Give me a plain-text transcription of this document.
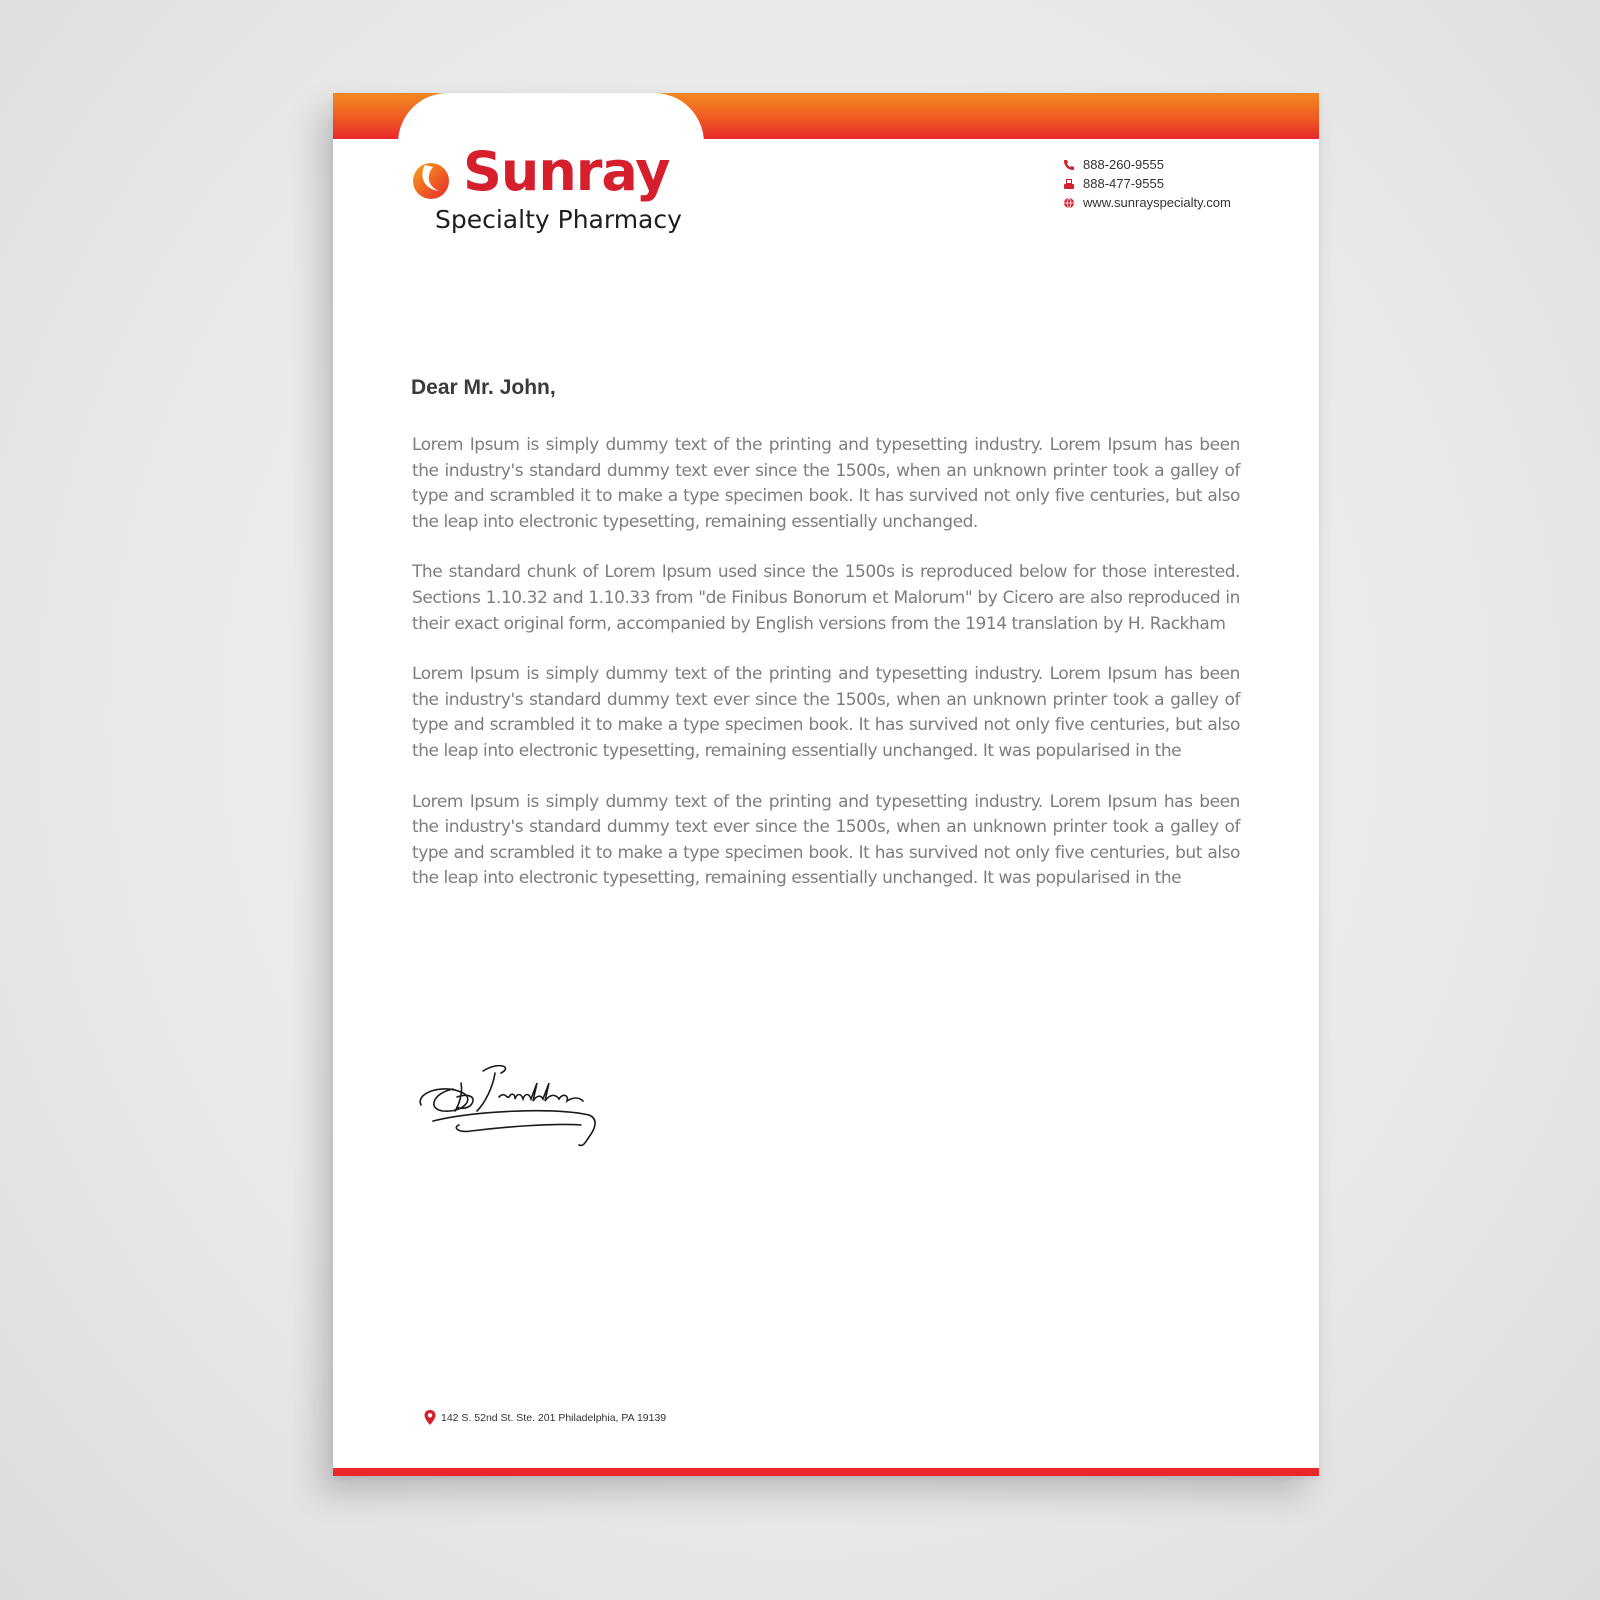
Sunray
Specialty Pharmacy
888-260-9555
888-477-9555
www.sunrayspecialty.com
Dear Mr. John,

Lorem Ipsum is simply dummy text of the printing and typesetting industry. Lorem Ipsum has been the industry's standard dummy text ever since the 1500s, when an unknown printer took a galley of type and scrambled it to make a type specimen book. It has survived not only five centuries, but also the leap into electronic typesetting, remaining essentially unchanged.

The standard chunk of Lorem Ipsum used since the 1500s is reproduced below for those interested. Sections 1.10.32 and 1.10.33 from "de Finibus Bonorum et Malorum" by Cicero are also reproduced in their exact original form, accompanied by English versions from the 1914 translation by H. Rackham

Lorem Ipsum is simply dummy text of the printing and typesetting industry. Lorem Ipsum has been the industry's standard dummy text ever since the 1500s, when an unknown printer took a galley of type and scrambled it to make a type specimen book. It has survived not only five centuries, but also the leap into electronic typesetting, remaining essentially unchanged. It was popularised in the

Lorem Ipsum is simply dummy text of the printing and typesetting industry. Lorem Ipsum has been the industry's standard dummy text ever since the 1500s, when an unknown printer took a galley of type and scrambled it to make a type specimen book. It has survived not only five centuries, but also the leap into electronic typesetting, remaining essentially unchanged. It was popularised in the

142 S. 52nd St. Ste. 201 Philadelphia, PA 19139
